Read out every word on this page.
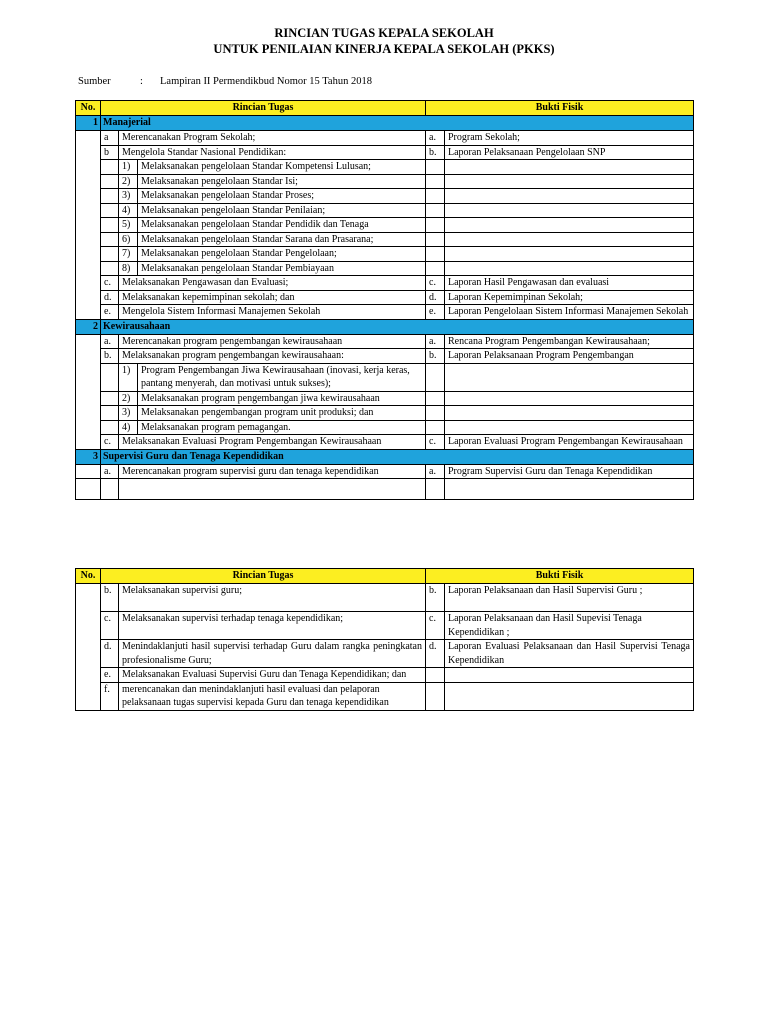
RINCIAN TUGAS KEPALA SEKOLAH
UNTUK PENILAIAN KINERJA KEPALA SEKOLAH (PKKS)
Sumber	: Lampiran II Permendikbud Nomor 15 Tahun 2018
No.	Rincian Tugas			Bukti Fisik	
1	Manajerial				
	a	Merencanakan Program Sekolah;		a.	Program Sekolah;
	b	Mengelola Standar Nasional Pendidikan:		b.	Laporan Pelaksanaan Pengelolaan SNP
		1)	Melaksanakan pengelolaan Standar Kompetensi Lulusan;		
		2)	Melaksanakan pengelolaan Standar Isi;		
		3)	Melaksanakan pengelolaan Standar Proses;		
		4)	Melaksanakan pengelolaan Standar Penilaian;		
		5)	Melaksanakan pengelolaan Standar Pendidik dan Tenaga		
		6)	Melaksanakan pengelolaan Standar Sarana dan Prasarana;		
		7)	Melaksanakan pengelolaan Standar Pengelolaan;		
		8)	Melaksanakan pengelolaan Standar Pembiayaan		
	c.	Melaksanakan Pengawasan dan Evaluasi;		c.	Laporan Hasil Pengawasan dan evaluasi
	d.	Melaksanakan kepemimpinan sekolah; dan		d.	Laporan Kepemimpinan Sekolah;
	e.	Mengelola Sistem Informasi Manajemen Sekolah		e.	Laporan Pengelolaan Sistem Informasi Manajemen Sekolah
2	Kewirausahaan				
	a.	Merencanakan program pengembangan kewirausahaan		a.	Rencana Program Pengembangan Kewirausahaan;
	b.	Melaksanakan program pengembangan kewirausahaan:		b.	Laporan Pelaksanaan Program Pengembangan
		1)	Program Pengembangan Jiwa Kewirausahaan (inovasi, kerja keras, pantang menyerah, dan motivasi untuk sukses);		
		2)	Melaksanakan program pengembangan jiwa kewirausahaan		
		3)	Melaksanakan pengembangan program unit produksi; dan		
		4)	Melaksanakan program pemagangan.		
	c.	Melaksanakan Evaluasi Program Pengembangan Kewirausahaan		c.	Laporan Evaluasi Program Pengembangan Kewirausahaan
3	Supervisi Guru dan Tenaga Kependidikan				
	a.	Merencanakan program supervisi guru dan tenaga kependidikan		a.	Program Supervisi Guru dan Tenaga Kependidikan

No.	Rincian Tugas		Bukti Fisik	
	b.	Melaksanakan supervisi guru;	b.	Laporan Pelaksanaan dan Hasil Supervisi Guru ;
	c.	Melaksanakan supervisi terhadap tenaga kependidikan;	c.	Laporan Pelaksanaan dan Hasil Supevisi Tenaga Kependidikan ;
	d.	Menindaklanjuti hasil supervisi terhadap Guru dalam rangka peningkatan profesionalisme Guru;	d.	Laporan Evaluasi Pelaksanaan dan Hasil Supervisi Tenaga Kependidikan
	e.	Melaksanakan Evaluasi Supervisi Guru dan Tenaga Kependidikan; dan		
	f.	merencanakan dan menindaklanjuti hasil evaluasi dan pelaporan pelaksanaan tugas supervisi kepada Guru dan tenaga kependidikan		
